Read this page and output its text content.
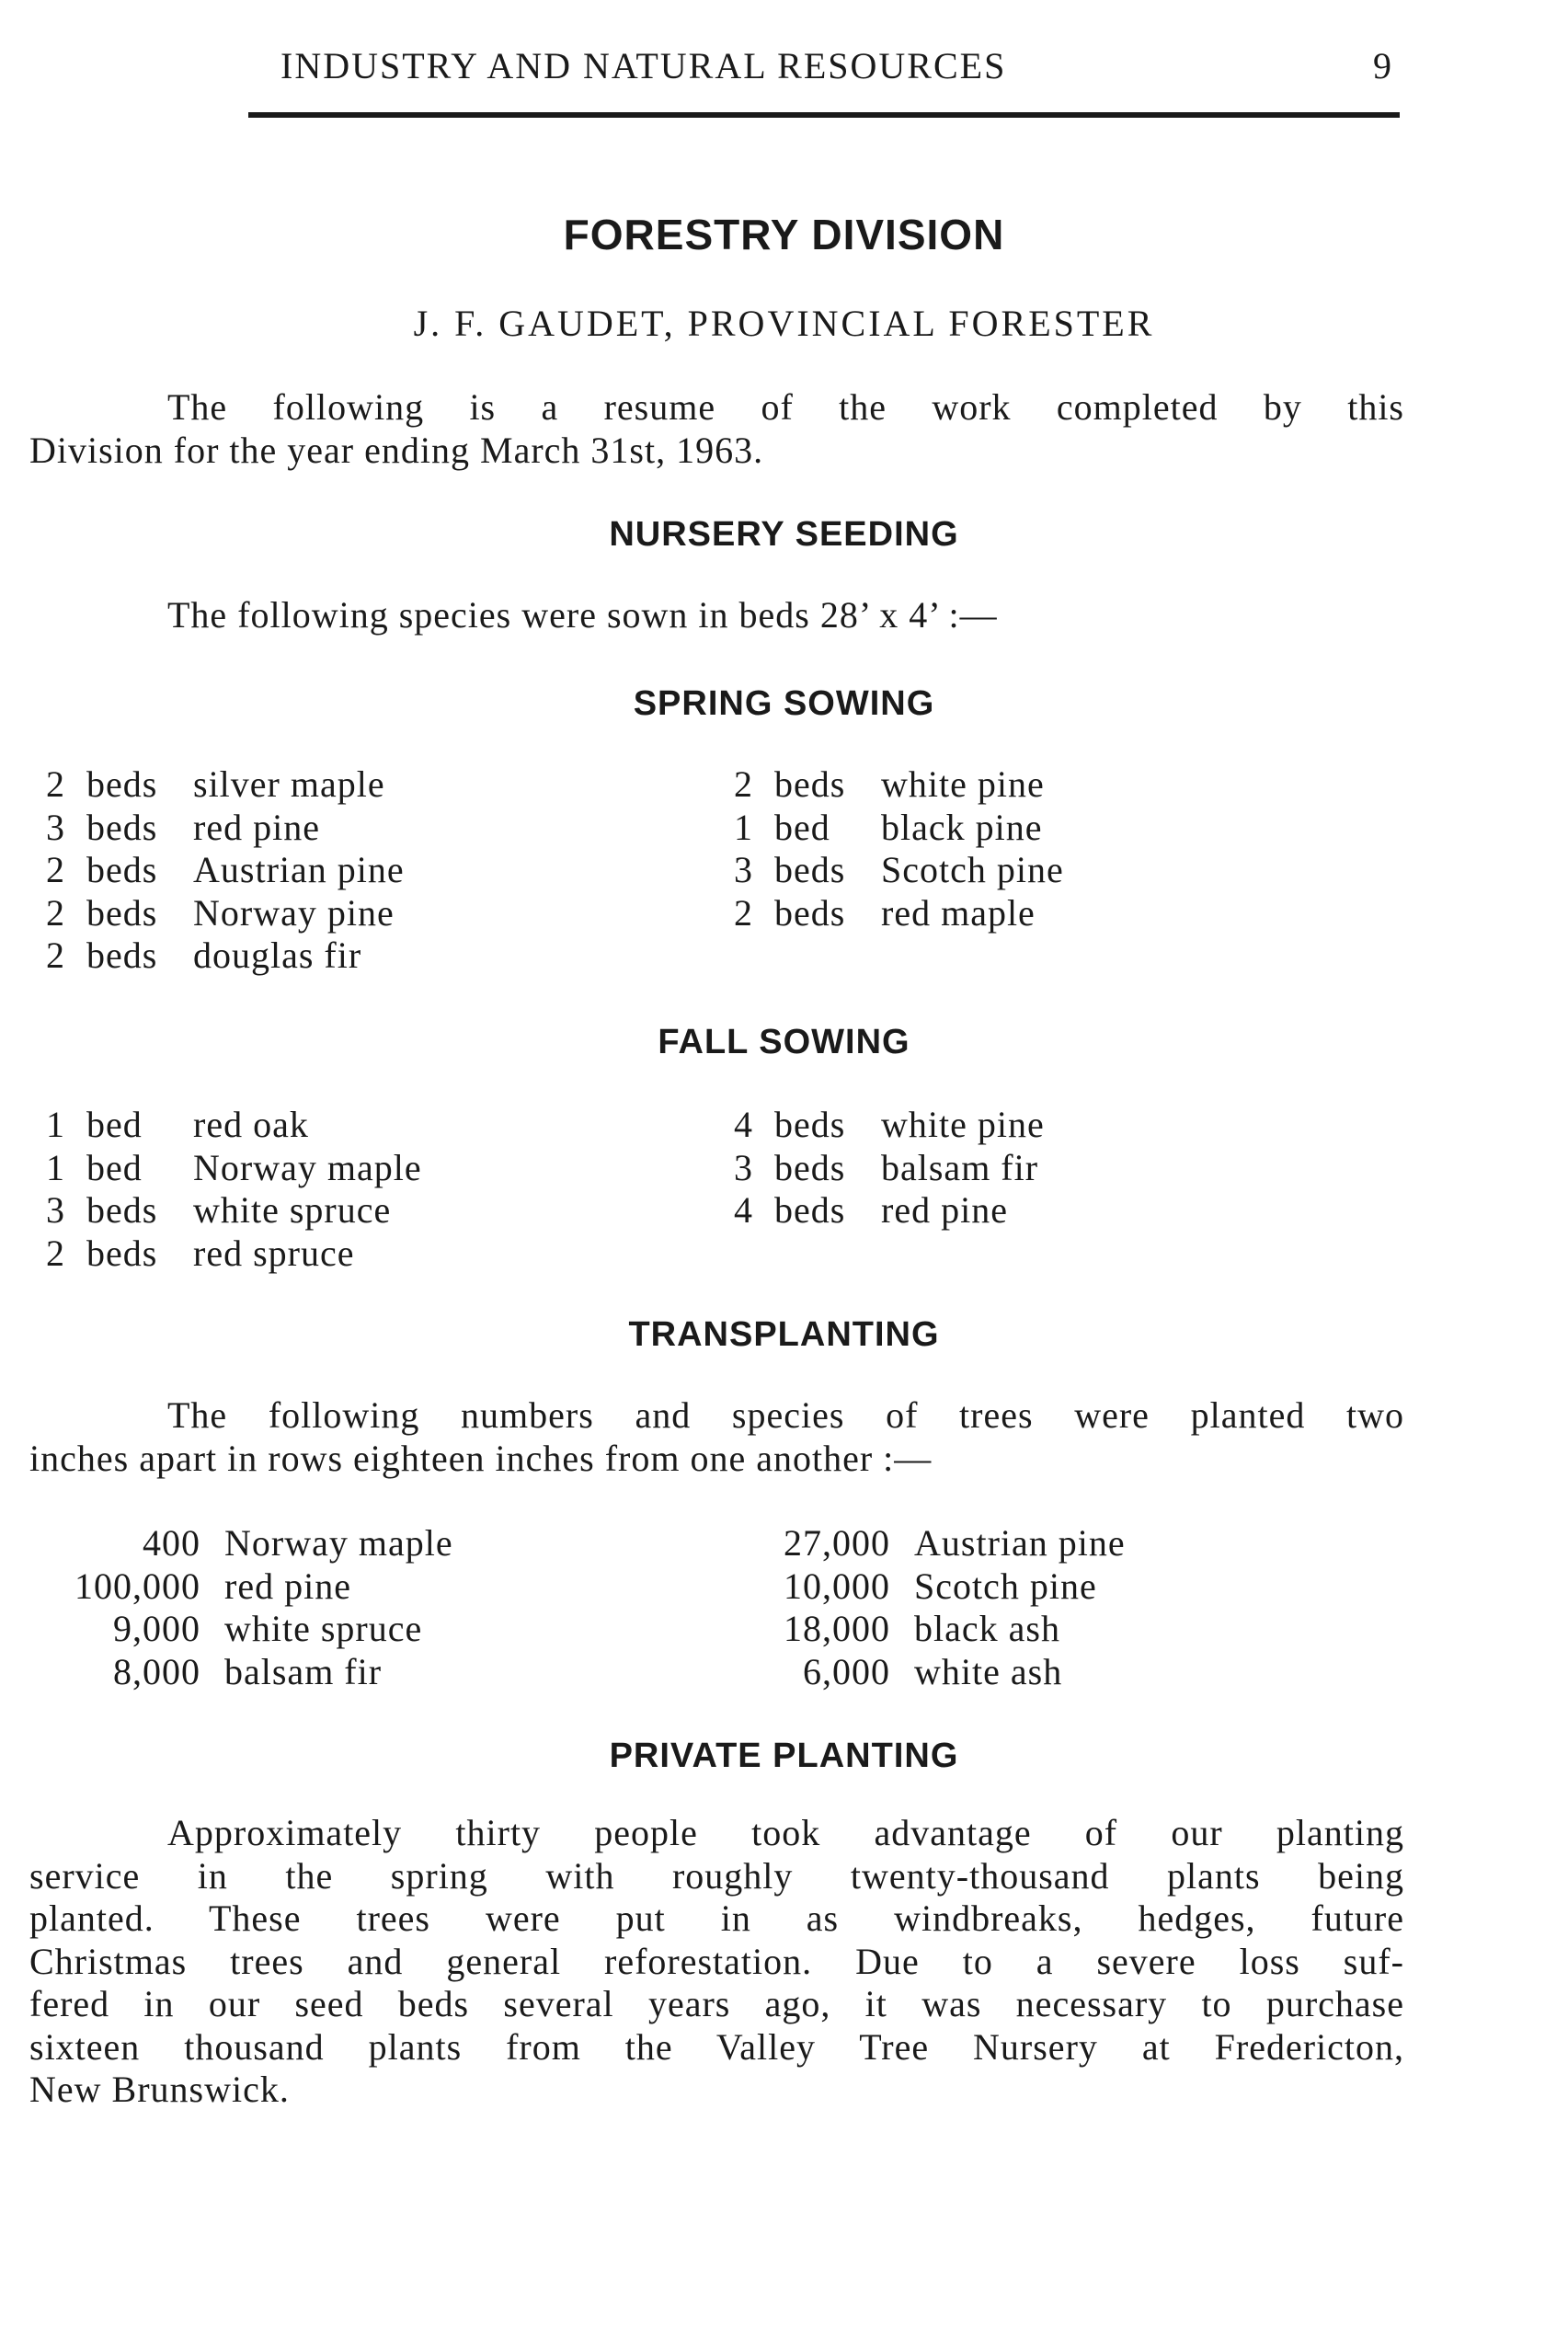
INDUSTRY AND NATURAL RESOURCES	9
FORESTRY DIVISION
J. F. GAUDET, PROVINCIAL FORESTER
The following is a resume of the work completed by this
Division for the year ending March 31st, 1963.
NURSERY SEEDING
The following species were sown in beds 28’ x 4’ :—
SPRING SOWING
2 beds silver maple
3 beds red pine
2 beds Austrian pine
2 beds Norway pine
2 beds douglas fir
2 beds white pine
1 bed	black pine
3 beds Scotch pine
2 beds red maple
FALL SOWING
1 bed	red oak
1 bed	Norway maple
3 beds white spruce
2 beds red spruce
4 beds white pine
3 beds balsam fir
4 beds red pine
TRANSPLANTING
The following numbers and species of trees were planted two
inches apart in rows eighteen inches from one another :—
400 Norway maple
100,000 red pine
9,000 white spruce
8,000 balsam fir
27,000 Austrian pine
10,000 Scotch pine
18,000 black ash
6,000 white ash
PRIVATE PLANTING
Approximately thirty people took advantage of our planting
service in the spring with roughly twenty-thousand plants being
planted. These trees were put in as windbreaks, hedges, future
Christmas trees and general reforestation. Due to a severe loss suf-
fered in our seed beds several years ago, it was necessary to purchase
sixteen thousand plants from the Valley Tree Nursery at Fredericton,
New Brunswick.
